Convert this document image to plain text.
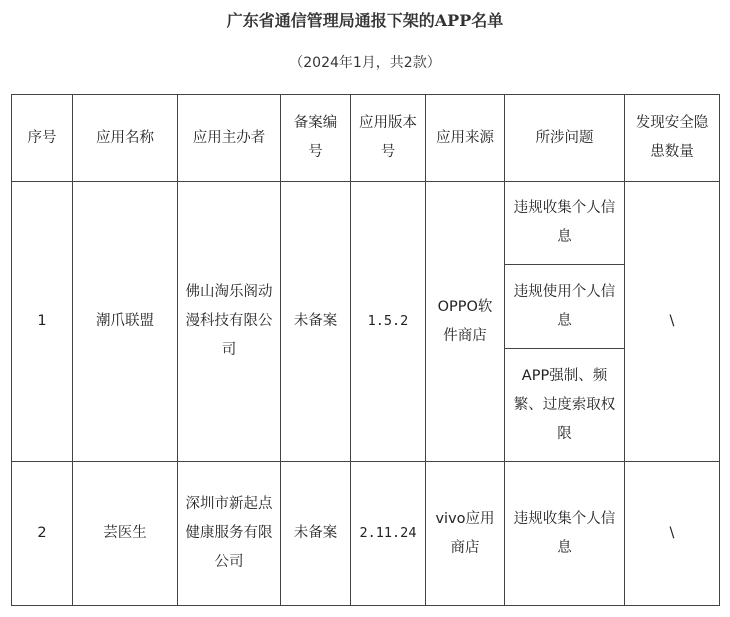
广东省通信管理局通报下架的APP名单
（2024年1月，共2款）
序号	应用名称	应用主办者	备案编号	应用版本号	应用来源	所涉问题	发现安全隐患数量
1	潮爪联盟	佛山淘乐阁动漫科技有限公司	未备案	1.5.2	OPPO软件商店	违规收集个人信息	\
						违规使用个人信息	
						APP强制、频繁、过度索取权限	
2	芸医生	深圳市新起点健康服务有限公司	未备案	2.11.24	vivo应用商店	违规收集个人信息	\
